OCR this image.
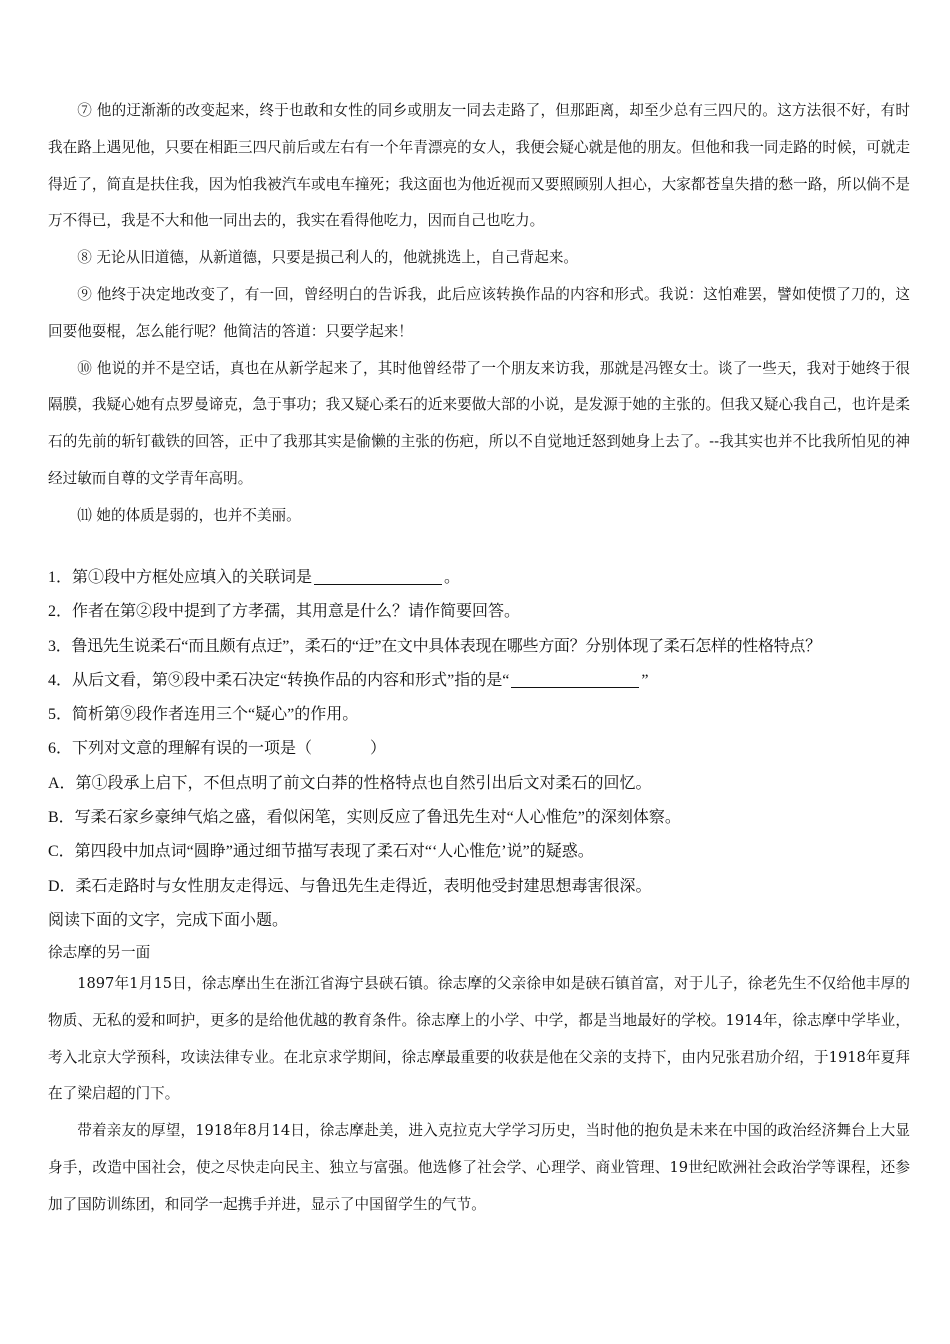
⑦ 他的迂渐渐的改变起来，终于也敢和女性的同乡或朋友一同去走路了，但那距离，却至少总有三四尺的。这方法很不好，有时我在路上遇见他，只要在相距三四尺前后或左右有一个年青漂亮的女人，我便会疑心就是他的朋友。但他和我一同走路的时候，可就走得近了，简直是扶住我，因为怕我被汽车或电车撞死；我这面也为他近视而又要照顾别人担心，大家都苍皇失措的愁一路，所以倘不是万不得已，我是不大和他一同出去的，我实在看得他吃力，因而自己也吃力。

⑧ 无论从旧道德，从新道德，只要是损己利人的，他就挑选上，自己背起来。

⑨ 他终于决定地改变了，有一回，曾经明白的告诉我，此后应该转换作品的内容和形式。我说：这怕难罢，譬如使惯了刀的，这回要他耍棍，怎么能行呢？他简洁的答道：只要学起来！

⑩ 他说的并不是空话，真也在从新学起来了，其时他曾经带了一个朋友来访我，那就是冯铿女士。谈了一些天，我对于她终于很隔膜，我疑心她有点罗曼谛克，急于事功；我又疑心柔石的近来要做大部的小说，是发源于她的主张的。但我又疑心我自己，也许是柔石的先前的斩钉截铁的回答，正中了我那其实是偷懒的主张的伤疤，所以不自觉地迁怒到她身上去了。--我其实也并不比我所怕见的神经过敏而自尊的文学青年高明。

⑾ 她的体质是弱的，也并不美丽。

1．第①段中方框处应填入的关联词是	。

2．作者在第②段中提到了方孝孺，其用意是什么？请作简要回答。

3．鲁迅先生说柔石“而且颇有点迂”，柔石的“迂”在文中具体表现在哪些方面？分别体现了柔石怎样的性格特点？

4．从后文看，第⑨段中柔石决定“转换作品的内容和形式”指的是“	”

5．简析第⑨段作者连用三个“疑心”的作用。

6．下列对文意的理解有误的一项是（	）

A．第①段承上启下，不但点明了前文白莽的性格特点也自然引出后文对柔石的回忆。

B．写柔石家乡豪绅气焰之盛，看似闲笔，实则反应了鲁迅先生对“人心惟危”的深刻体察。

C．第四段中加点词“圆睁”通过细节描写表现了柔石对“‘人心惟危’说”的疑惑。

D．柔石走路时与女性朋友走得远、与鲁迅先生走得近，表明他受封建思想毒害很深。

阅读下面的文字，完成下面小题。

徐志摩的另一面

1897年1月15日，徐志摩出生在浙江省海宁县硖石镇。徐志摩的父亲徐申如是硖石镇首富，对于儿子，徐老先生不仅给他丰厚的物质、无私的爱和呵护，更多的是给他优越的教育条件。徐志摩上的小学、中学，都是当地最好的学校。1914年，徐志摩中学毕业，考入北京大学预科，攻读法律专业。在北京求学期间，徐志摩最重要的收获是他在父亲的支持下，由内兄张君劢介绍，于1918年夏拜在了梁启超的门下。

带着亲友的厚望，1918年8月14日，徐志摩赴美，进入克拉克大学学习历史，当时他的抱负是未来在中国的政治经济舞台上大显身手，改造中国社会，使之尽快走向民主、独立与富强。他选修了社会学、心理学、商业管理、19世纪欧洲社会政治学等课程，还参加了国防训练团，和同学一起携手并进，显示了中国留学生的气节。
